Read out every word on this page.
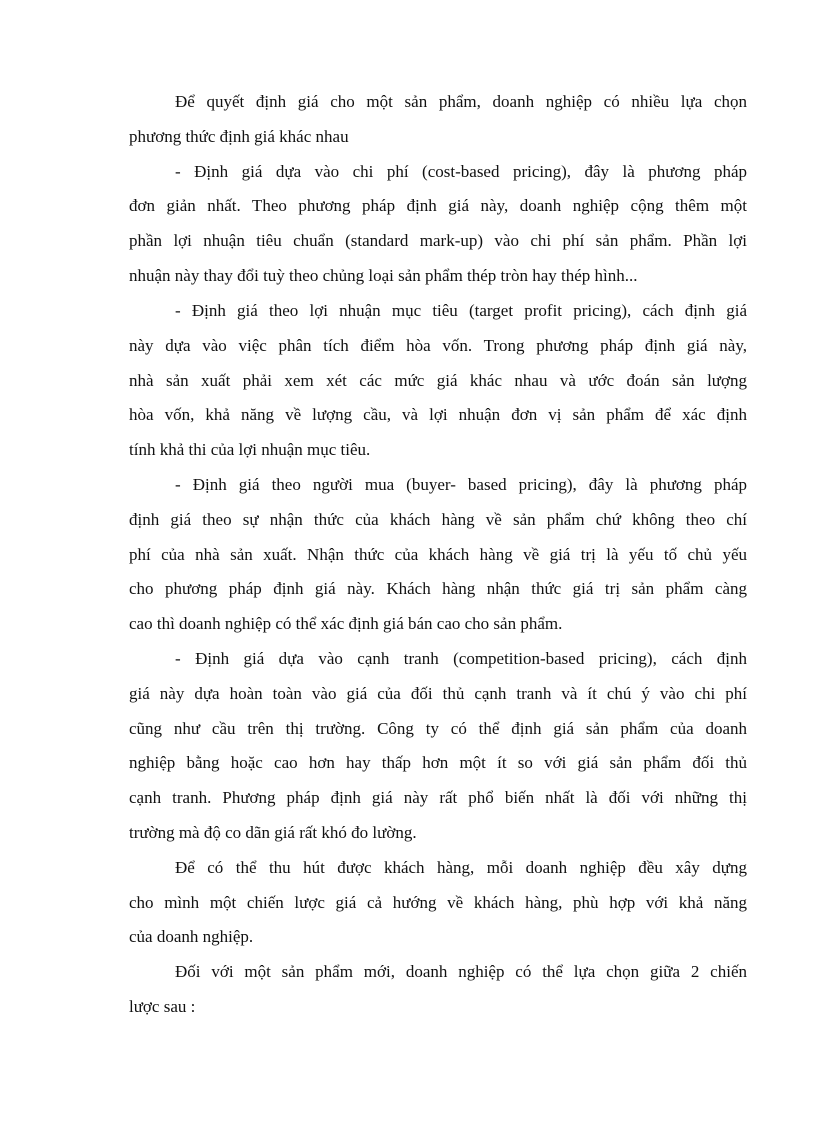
Để quyết định giá cho một sản phẩm, doanh nghiệp có nhiều lựa chọn
phương thức định giá khác nhau
- Định giá dựa vào chi phí (cost-based pricing), đây là phương pháp
đơn giản nhất. Theo phương pháp định giá này, doanh nghiệp cộng thêm một
phần lợi nhuận tiêu chuẩn (standard mark-up) vào chi phí sản phẩm. Phần lợi
nhuận này thay đổi tuỳ theo chủng loại sản phẩm thép tròn hay thép hình...
- Định giá theo lợi nhuận mục tiêu (target profit pricing), cách định giá
này dựa vào việc phân tích điểm hòa vốn. Trong phương pháp định giá này,
nhà sản xuất phải xem xét các mức giá khác nhau và ước đoán sản lượng
hòa vốn, khả năng về lượng cầu, và lợi nhuận đơn vị sản phẩm để xác định
tính khả thi của lợi nhuận mục tiêu.
- Định giá theo người mua (buyer- based pricing), đây là phương pháp
định giá theo sự nhận thức của khách hàng về sản phẩm chứ không theo chí
phí của nhà sản xuất. Nhận thức của khách hàng về giá trị là yếu tố chủ yếu
cho phương pháp định giá này. Khách hàng nhận thức giá trị sản phẩm càng
cao thì doanh nghiệp có thể xác định giá bán cao cho sản phẩm.
- Định giá dựa vào cạnh tranh (competition-based pricing), cách định
giá này dựa hoàn toàn vào giá của đối thủ cạnh tranh và ít chú ý vào chi phí
cũng như cầu trên thị trường. Công ty có thể định giá sản phẩm của doanh
nghiệp bằng hoặc cao hơn hay thấp hơn một ít so với giá sản phẩm đối thủ
cạnh tranh. Phương pháp định giá này rất phổ biến nhất là đối với những thị
trường mà độ co dãn giá rất khó đo lường.
Để có thể thu hút được khách hàng, mỗi doanh nghiệp đều xây dựng
cho mình một chiến lược giá cả hướng về khách hàng, phù hợp với khả năng
của doanh nghiệp.
Đối với một sản phẩm mới, doanh nghiệp có thể lựa chọn giữa 2 chiến
lược sau :
